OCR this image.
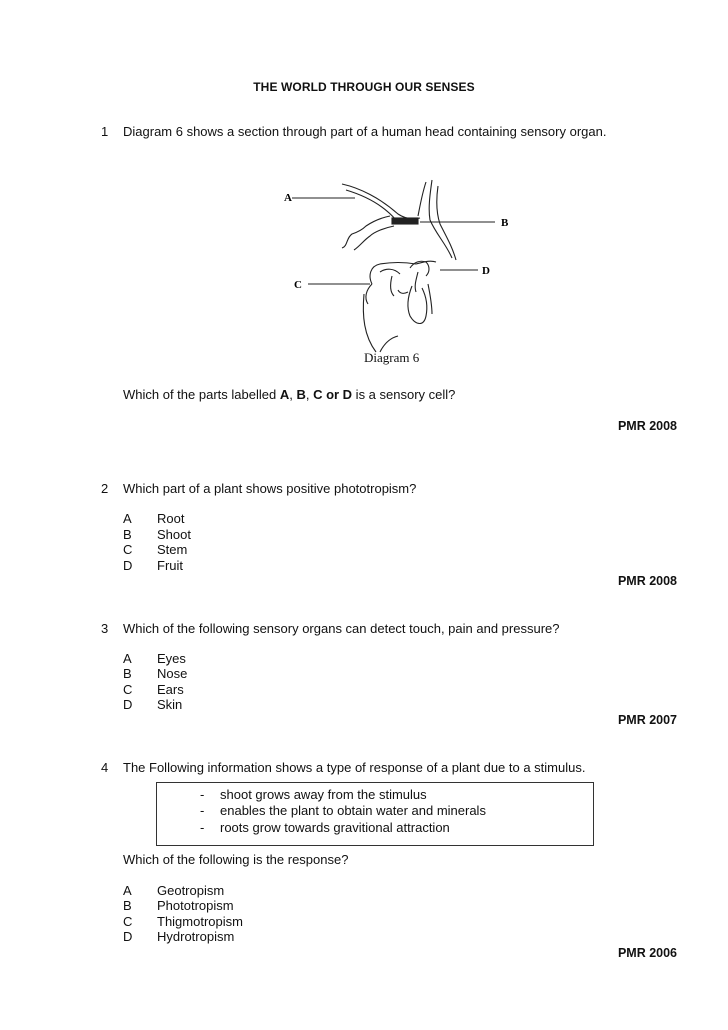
THE WORLD THROUGH OUR SENSES
1 Diagram 6 shows a section through part of a human head containing sensory organ.
A
B
D
C
Diagram 6
Which of the parts labelled A, B, C or D is a sensory cell?
PMR 2008
2 Which part of a plant shows positive phototropism?
A Root
B Shoot
C Stem
D Fruit
PMR 2008
3 Which of the following sensory organs can detect touch, pain and pressure?
A Eyes
B Nose
C Ears
D Skin
PMR 2007
4 The Following information shows a type of response of a plant due to a stimulus.
- shoot grows away from the stimulus
- enables the plant to obtain water and minerals
- roots grow towards gravitional attraction
Which of the following is the response?
A Geotropism
B Phototropism
C Thigmotropism
D Hydrotropism
PMR 2006
